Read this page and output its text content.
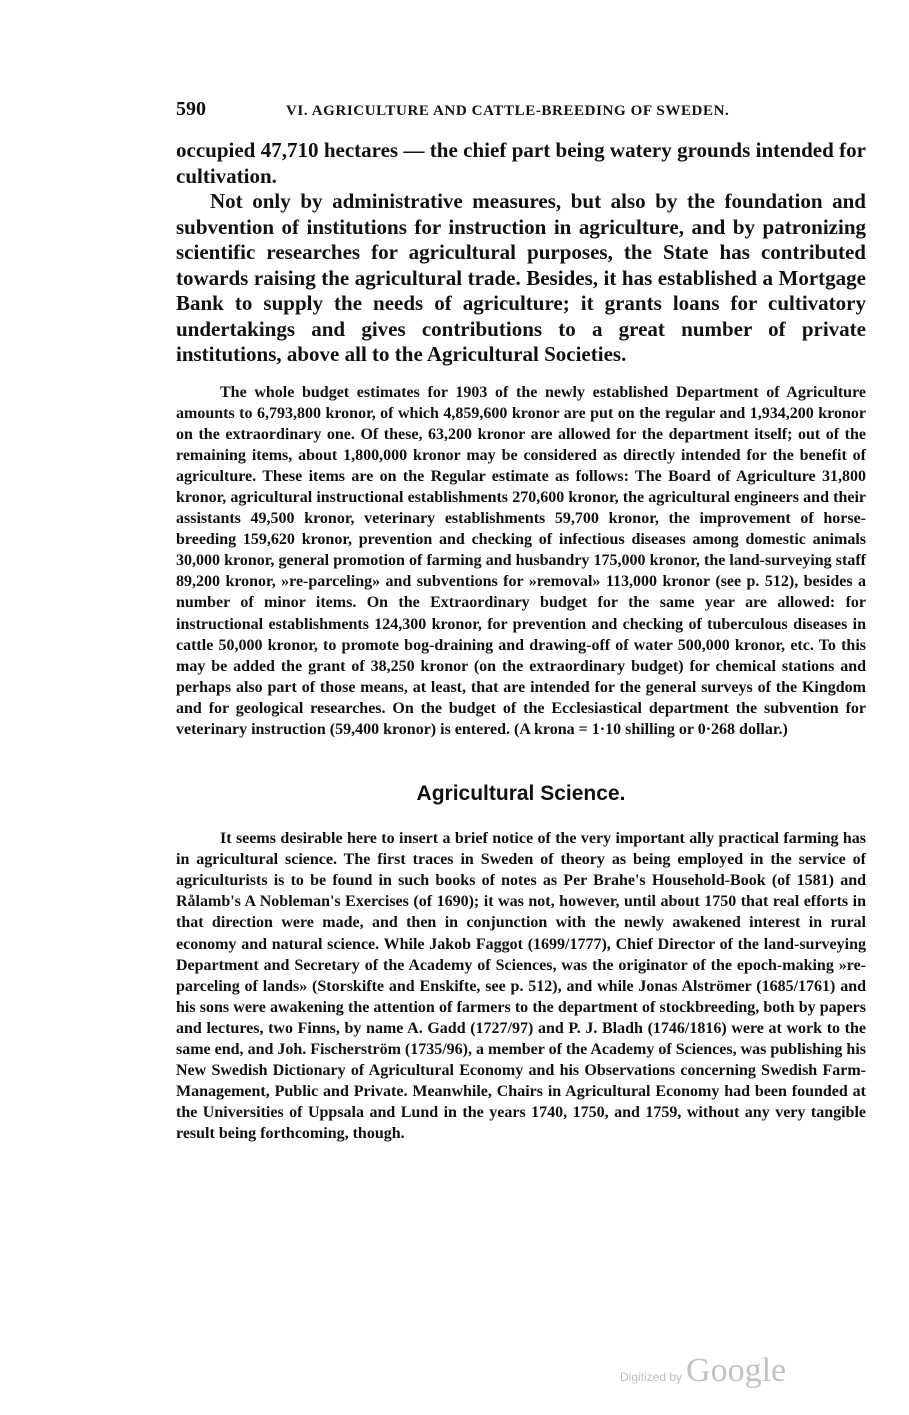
590	VI. AGRICULTURE AND CATTLE-BREEDING OF SWEDEN.

occupied 47,710 hectares — the chief part being watery grounds intended for cultivation.

Not only by administrative measures, but also by the foundation and subvention of institutions for instruction in agriculture, and by patronizing scientific researches for agricultural purposes, the State has contributed towards raising the agricultural trade. Besides, it has established a Mortgage Bank to supply the needs of agriculture; it grants loans for cultivatory undertakings and gives contributions to a great number of private institutions, above all to the Agricultural Societies.

The whole budget estimates for 1903 of the newly established Department of Agriculture amounts to 6,793,800 kronor, of which 4,859,600 kronor are put on the regular and 1,934,200 kronor on the extraordinary one. Of these, 63,200 kronor are allowed for the department itself; out of the remaining items, about 1,800,000 kronor may be considered as directly intended for the benefit of agriculture. These items are on the Regular estimate as follows: The Board of Agriculture 31,800 kronor, agricultural instructional establishments 270,600 kronor, the agricultural engineers and their assistants 49,500 kronor, veterinary establishments 59,700 kronor, the improvement of horse-breeding 159,620 kronor, prevention and checking of infectious diseases among domestic animals 30,000 kronor, general promotion of farming and husbandry 175,000 kronor, the land-surveying staff 89,200 kronor, »re-parceling» and subventions for »removal» 113,000 kronor (see p. 512), besides a number of minor items. On the Extraordinary budget for the same year are allowed: for instructional establishments 124,300 kronor, for prevention and checking of tuberculous diseases in cattle 50,000 kronor, to promote bog-draining and drawing-off of water 500,000 kronor, etc. To this may be added the grant of 38,250 kronor (on the extraordinary budget) for chemical stations and perhaps also part of those means, at least, that are intended for the general surveys of the Kingdom and for geological researches. On the budget of the Ecclesiastical department the subvention for veterinary instruction (59,400 kronor) is entered. (A krona = 1·10 shilling or 0·268 dollar.)

Agricultural Science.

It seems desirable here to insert a brief notice of the very important ally practical farming has in agricultural science. The first traces in Sweden of theory as being employed in the service of agriculturists is to be found in such books of notes as Per Brahe's Household-Book (of 1581) and Rålamb's A Nobleman's Exercises (of 1690); it was not, however, until about 1750 that real efforts in that direction were made, and then in conjunction with the newly awakened interest in rural economy and natural science. While Jakob Faggot (1699/1777), Chief Director of the land-surveying Department and Secretary of the Academy of Sciences, was the originator of the epoch-making »re-parceling of lands» (Storskifte and Enskifte, see p. 512), and while Jonas Alströmer (1685/1761) and his sons were awakening the attention of farmers to the department of stockbreeding, both by papers and lectures, two Finns, by name A. Gadd (1727/97) and P. J. Bladh (1746/1816) were at work to the same end, and Joh. Fischerström (1735/96), a member of the Academy of Sciences, was publishing his New Swedish Dictionary of Agricultural Economy and his Observations concerning Swedish Farm-Management, Public and Private. Meanwhile, Chairs in Agricultural Economy had been founded at the Universities of Uppsala and Lund in the years 1740, 1750, and 1759, without any very tangible result being forthcoming, though.

Digitized by Google
